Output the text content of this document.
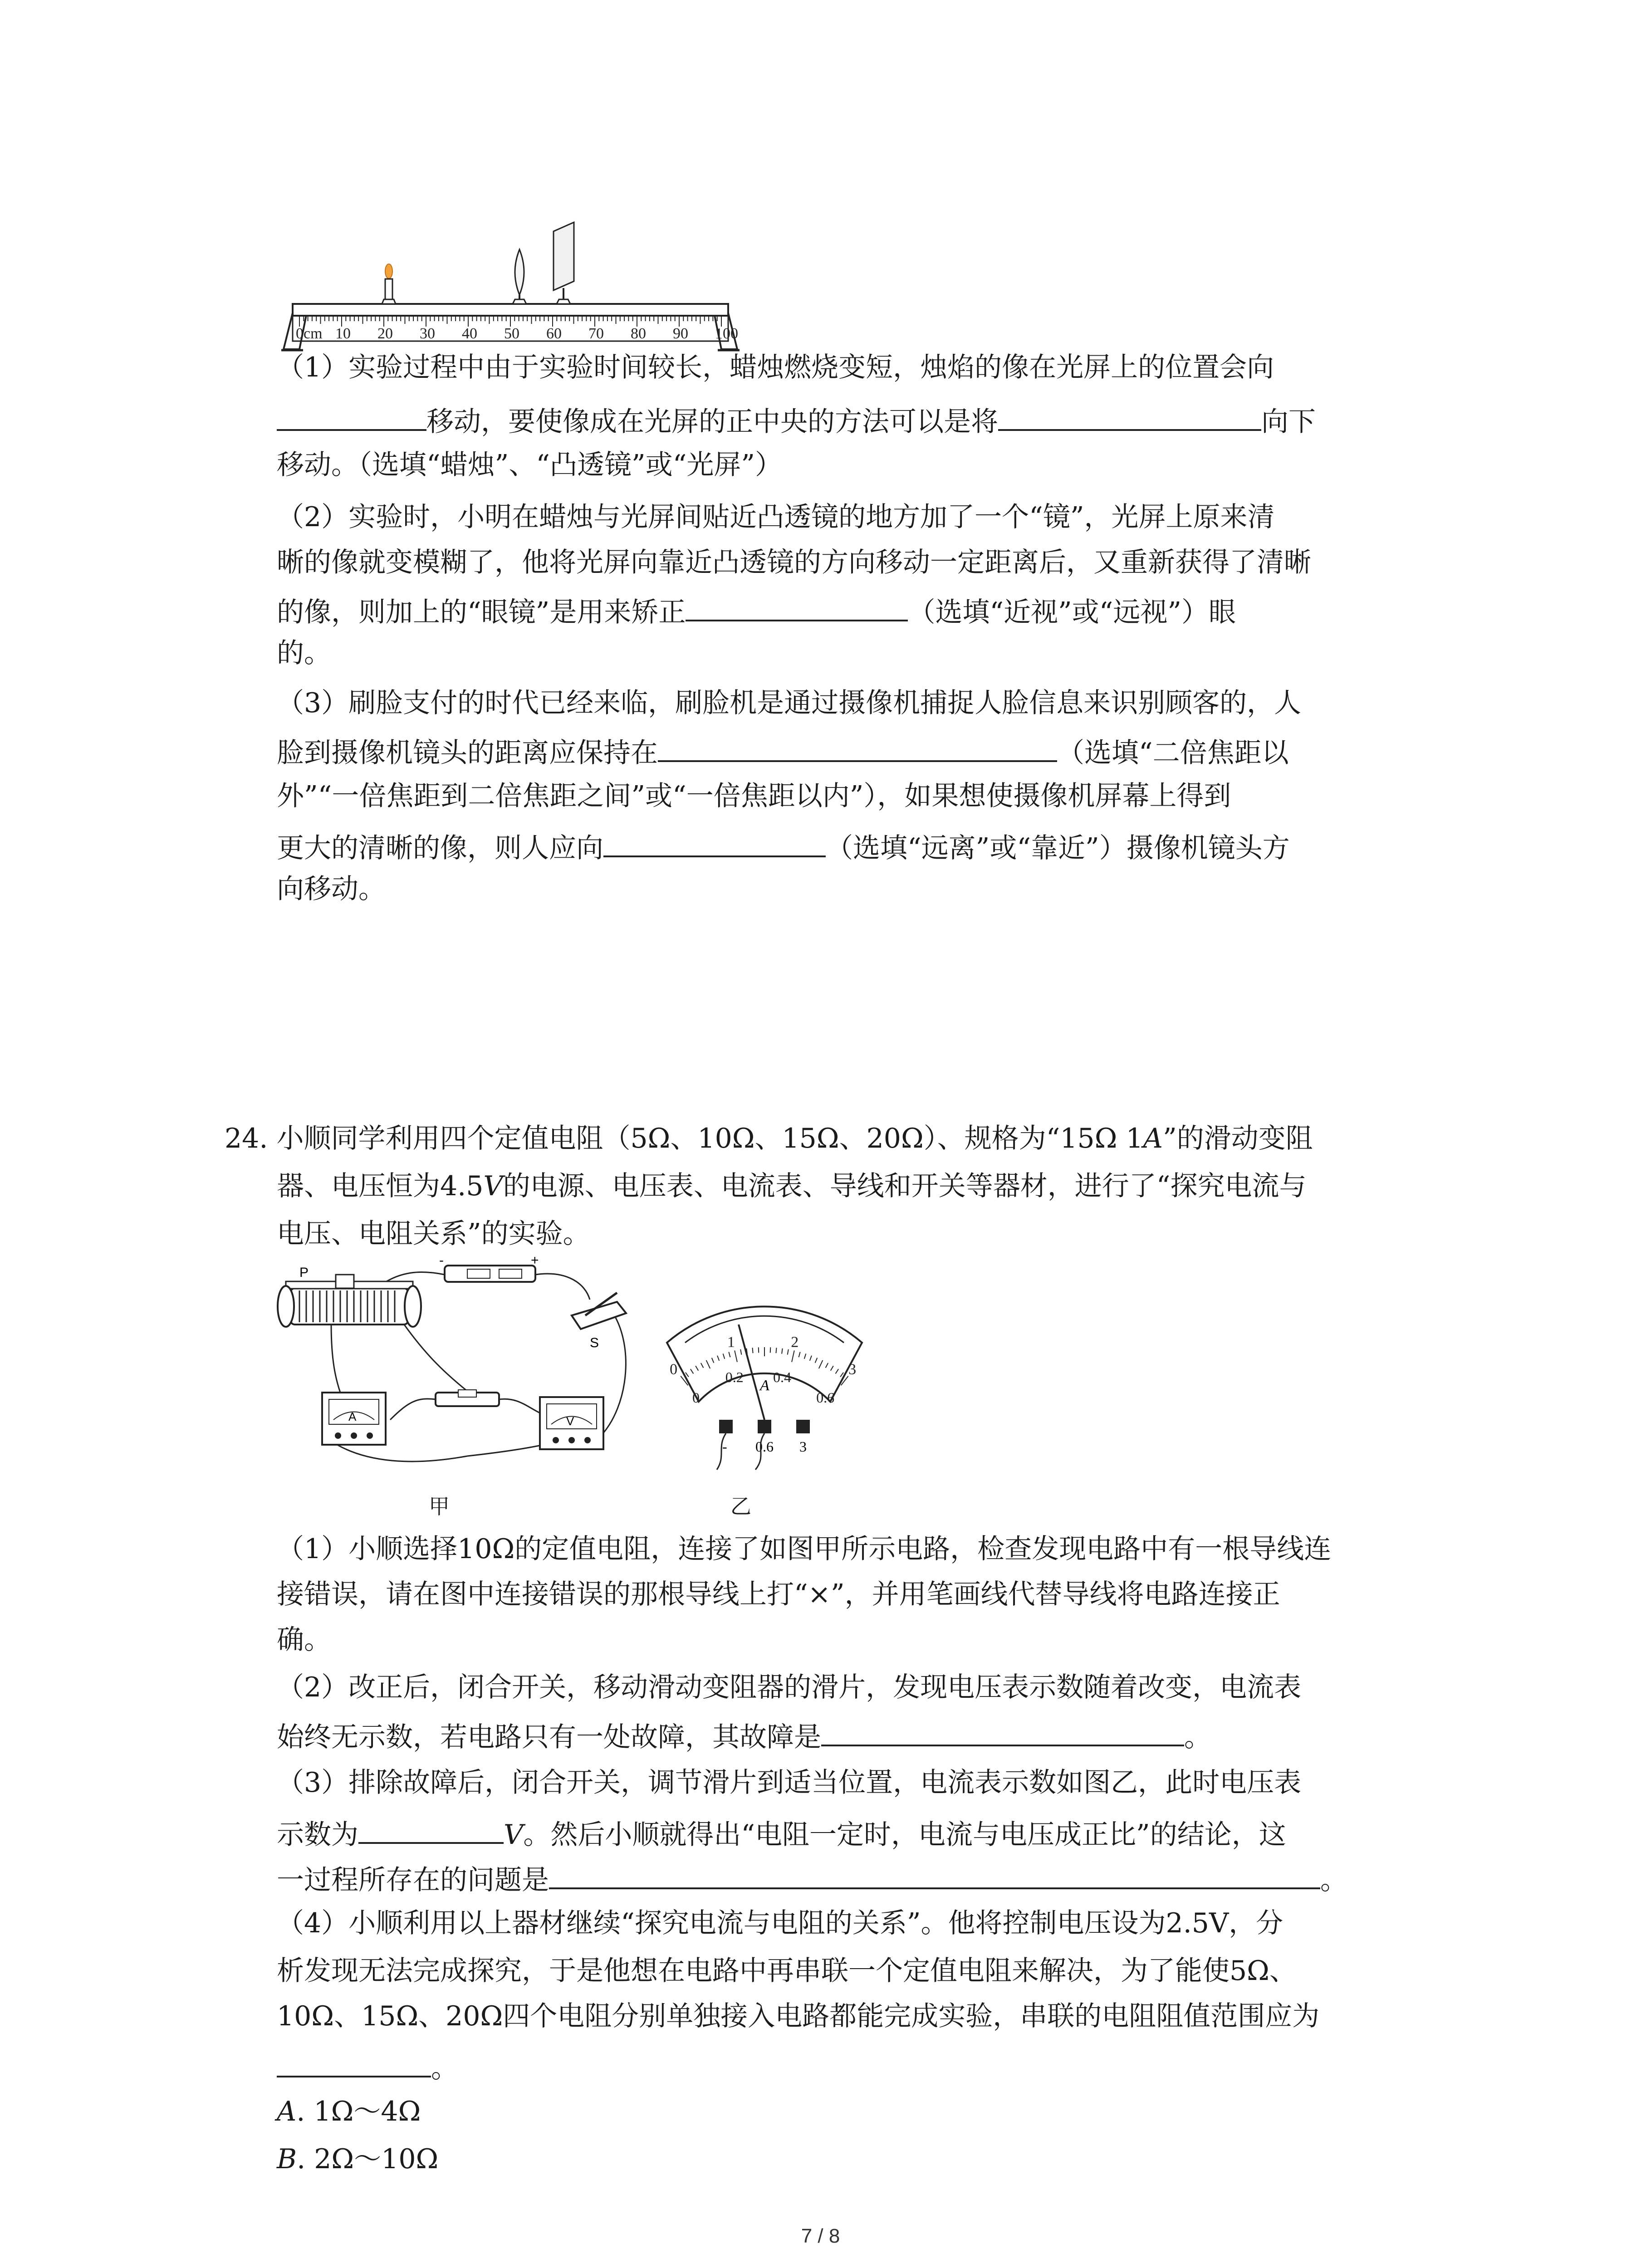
0cm 10 20 30 40 50 60 70 80 90 100
（1）实验过程中由于实验时间较长，蜡烛燃烧变短，烛焰的像在光屏上的位置会向
移动，要使像成在光屏的正中央的方法可以是将	向下
移动。（选填“蜡烛”、“凸透镜”或“光屏”）
（2）实验时，小明在蜡烛与光屏间贴近凸透镜的地方加了一个“镜”，光屏上原来清
晰的像就变模糊了，他将光屏向靠近凸透镜的方向移动一定距离后，又重新获得了清晰
的像，则加上的“眼镜”是用来矫正	（选填“近视”或“远视”）眼
的。
（3）刷脸支付的时代已经来临，刷脸机是通过摄像机捕捉人脸信息来识别顾客的，人
脸到摄像机镜头的距离应保持在	（选填“二倍焦距以
外”“一倍焦距到二倍焦距之间”或“一倍焦距以内”），如果想使摄像机屏幕上得到
更大的清晰的像，则人应向	（选填“远离”或“靠近”）摄像机镜头方
向移动。
24. 小顺同学利用四个定值电阻（5Ω、10Ω、15Ω、20Ω）、规格为“15Ω 1A”的滑动变阻
器、电压恒为4.5V的电源、电压表、电流表、导线和开关等器材，进行了“探究电流与
电压、电阻关系”的实验。
P
-	+
S
A	V
甲
0
1	2
3
0
0.2 0.4
0.6
A
- 0.6 3
乙
（1）小顺选择10Ω的定值电阻，连接了如图甲所示电路，检查发现电路中有一根导线连
接错误，请在图中连接错误的那根导线上打“×”，并用笔画线代替导线将电路连接正
确。
（2）改正后，闭合开关，移动滑动变阻器的滑片，发现电压表示数随着改变，电流表
始终无示数，若电路只有一处故障，其故障是	。
（3）排除故障后，闭合开关，调节滑片到适当位置，电流表示数如图乙，此时电压表
示数为	V。然后小顺就得出“电阻一定时，电流与电压成正比”的结论，这
一过程所存在的问题是	。
（4）小顺利用以上器材继续“探究电流与电阻的关系”。他将控制电压设为2.5V，分
析发现无法完成探究，于是他想在电路中再串联一个定值电阻来解决，为了能使5Ω、
10Ω、15Ω、20Ω四个电阻分别单独接入电路都能完成实验，串联的电阻阻值范围应为
。
A. 1Ω～4Ω
B. 2Ω～10Ω
7 / 8
